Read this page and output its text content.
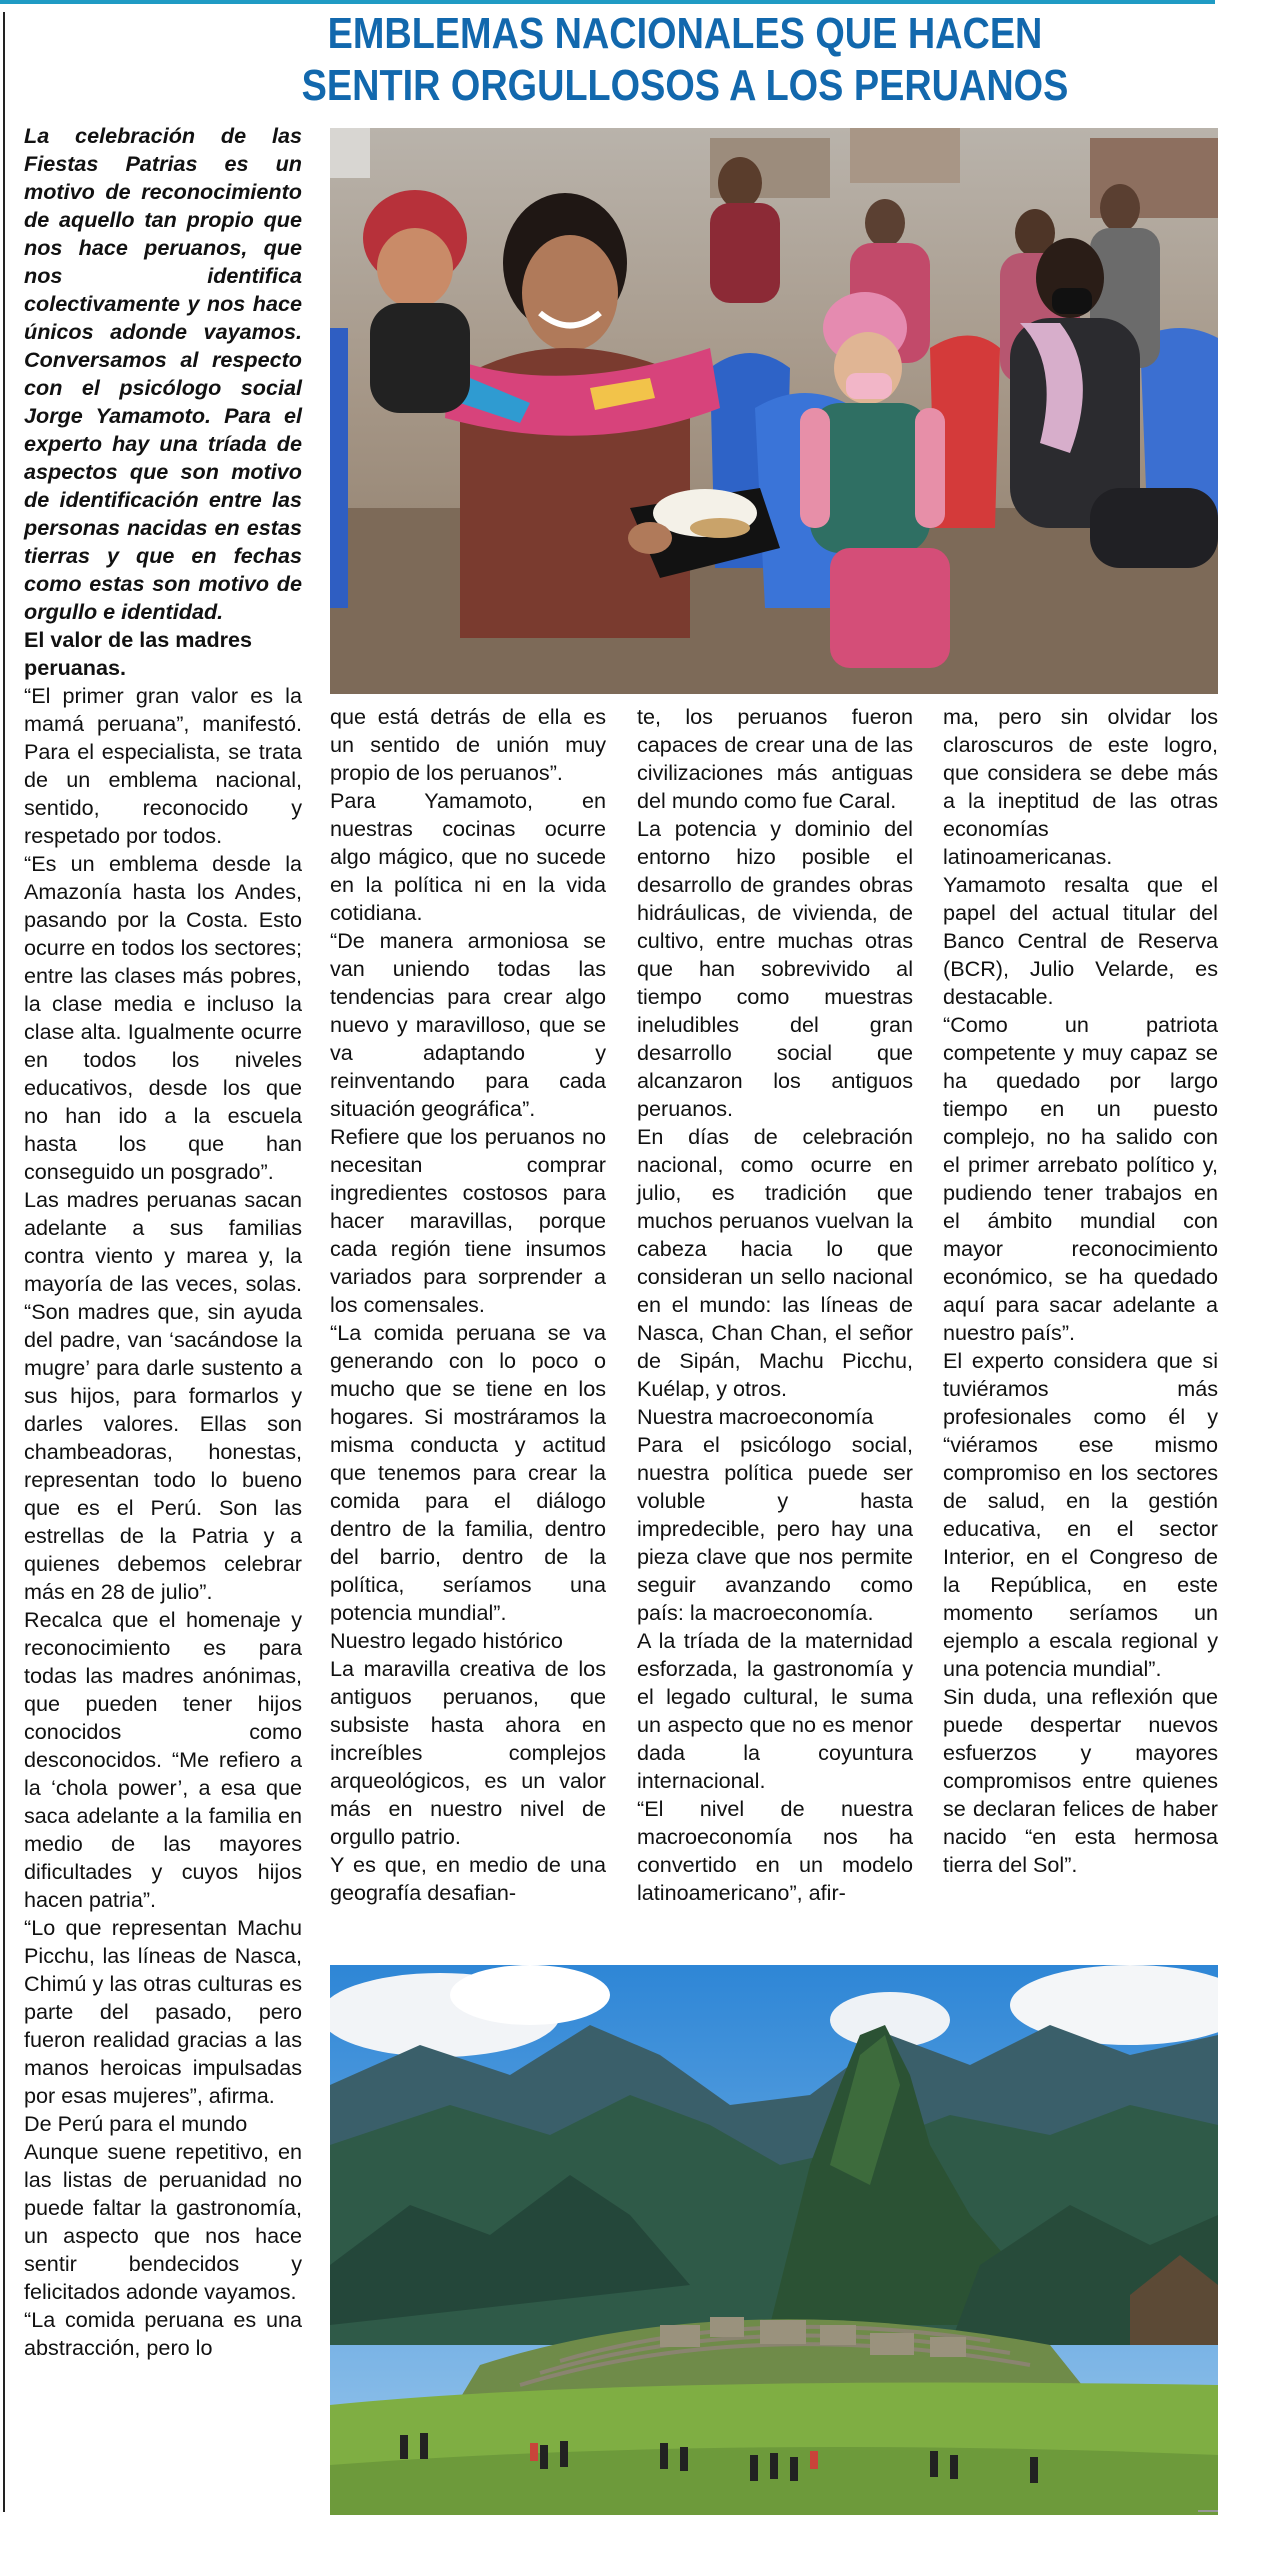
EMBLEMAS NACIONALES QUE HACEN
SENTIR ORGULLOSOS A LOS PERUANOS

La celebración de las Fiestas Patrias es un motivo de reconocimiento de aquello tan propio que nos hace peruanos, que nos identifica colectivamente y nos hace únicos adonde vayamos. Conversamos al respecto con el psicólogo social Jorge Yamamoto. Para el experto hay una tríada de aspectos que son motivo de identificación entre las personas nacidas en estas tierras y que en fechas como estas son motivo de orgullo e identidad.

El valor de las madres peruanas.

“El primer gran valor es la mamá peruana”, manifestó. Para el especialista, se trata de un emblema nacional, sentido, reconocido y respetado por todos.

“Es un emblema desde la Amazonía hasta los Andes, pasando por la Costa. Esto ocurre en todos los sectores; entre las clases más pobres, la clase media e incluso la clase alta. Igualmente ocurre en todos los niveles educativos, desde los que no han ido a la escuela hasta los que han conseguido un posgrado”.

Las madres peruanas sacan adelante a sus familias contra viento y marea y, la mayoría de las veces, solas. “Son madres que, sin ayuda del padre, van ‘sacándose la mugre’ para darle sustento a sus hijos, para formarlos y darles valores. Ellas son chambeadoras, honestas, representan todo lo bueno que es el Perú. Son las estrellas de la Patria y a quienes debemos celebrar más en 28 de julio”.

Recalca que el homenaje y reconocimiento es para todas las madres anónimas, que pueden tener hijos conocidos como desconocidos. “Me refiero a la ‘chola power’, a esa que saca adelante a la familia en medio de las mayores dificultades y cuyos hijos hacen patria”.

“Lo que representan Machu Picchu, las líneas de Nasca, Chimú y las otras culturas es parte del pasado, pero fueron realidad gracias a las manos heroicas impulsadas por esas mujeres”, afirma.

De Perú para el mundo

Aunque suene repetitivo, en las listas de peruanidad no puede faltar la gastronomía, un aspecto que nos hace sentir bendecidos y felicitados adonde vayamos.

“La comida peruana es una abstracción, pero lo

que está detrás de ella es un sentido de unión muy propio de los peruanos”.

Para Yamamoto, en nuestras cocinas ocurre algo mágico, que no sucede en la política ni en la vida cotidiana.

“De manera armoniosa se van uniendo todas las tendencias para crear algo nuevo y maravilloso, que se va adaptando y reinventando para cada situación geográfica”.

Refiere que los peruanos no necesitan comprar ingredientes costosos para hacer maravillas, porque cada región tiene insumos variados para sorprender a los comensales.

“La comida peruana se va generando con lo poco o mucho que se tiene en los hogares. Si mostráramos la misma conducta y actitud que tenemos para crear la comida para el diálogo dentro de la familia, dentro del barrio, dentro de la política, seríamos una potencia mundial”.

Nuestro legado histórico

La maravilla creativa de los antiguos peruanos, que subsiste hasta ahora en increíbles complejos arqueológicos, es un valor más en nuestro nivel de orgullo patrio.

Y es que, en medio de una geografía desafian-

te, los peruanos fueron capaces de crear una de las civilizaciones más antiguas del mundo como fue Caral.

La potencia y dominio del entorno hizo posible el desarrollo de grandes obras hidráulicas, de vivienda, de cultivo, entre muchas otras que han sobrevivido al tiempo como muestras ineludibles del gran desarrollo social que alcanzaron los antiguos peruanos.

En días de celebración nacional, como ocurre en julio, es tradición que muchos peruanos vuelvan la cabeza hacia lo que consideran un sello nacional en el mundo: las líneas de Nasca, Chan Chan, el señor de Sipán, Machu Picchu, Kuélap, y otros.

Nuestra macroeconomía

Para el psicólogo social, nuestra política puede ser voluble y hasta impredecible, pero hay una pieza clave que nos permite seguir avanzando como país: la macroeconomía.

A la tríada de la maternidad esforzada, la gastronomía y el legado cultural, le suma un aspecto que no es menor dada la coyuntura internacional.

“El nivel de nuestra macroeconomía nos ha convertido en un modelo latinoamericano”, afir-

ma, pero sin olvidar los claroscuros de este logro, que considera se debe más a la ineptitud de las otras economías latinoamericanas. Yamamoto resalta que el papel del actual titular del Banco Central de Reserva (BCR), Julio Velarde, es destacable.

“Como un patriota competente y muy capaz se ha quedado por largo tiempo en un puesto complejo, no ha salido con el primer arrebato político y, pudiendo tener trabajos en el ámbito mundial con mayor reconocimiento económico, se ha quedado aquí para sacar adelante a nuestro país”.

El experto considera que si tuviéramos más profesionales como él y “viéramos ese mismo compromiso en los sectores de salud, en la gestión educativa, en el sector Interior, en el Congreso de la República, en este momento seríamos un ejemplo a escala regional y una potencia mundial”.

Sin duda, una reflexión que puede despertar nuevos esfuerzos y mayores compromisos entre quienes se declaran felices de haber nacido “en esta hermosa tierra del Sol”.
